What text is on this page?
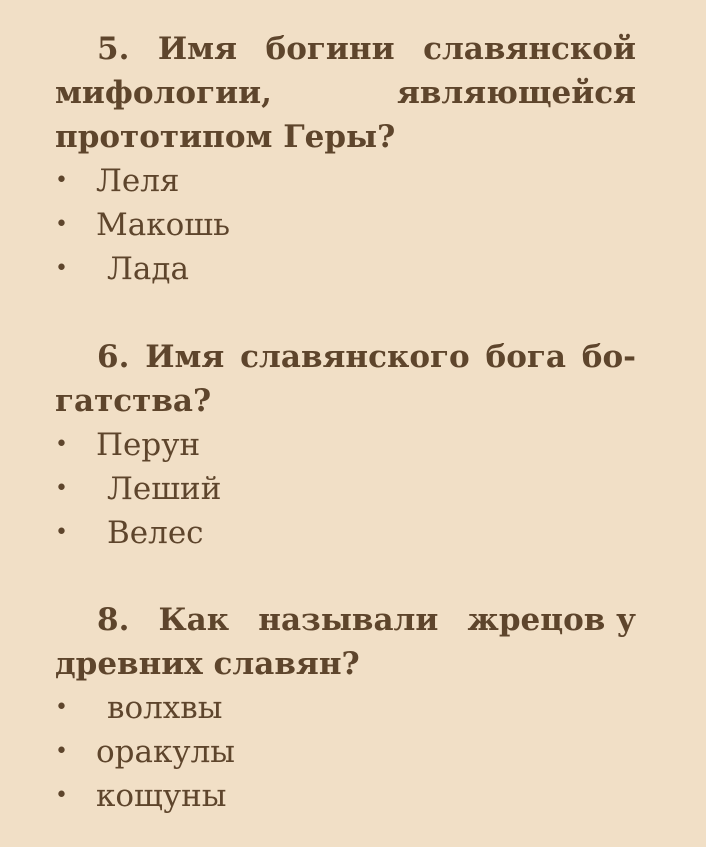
5. Имя богини славянской
мифологии,	являющейся
прототипом Геры?
• Леля
• Макошь
• Лада
6. Имя славянского бога бо-
гатства?
• Перун
• Леший
• Велес
8. Как называли жрецов у
древних славян?
• волхвы
• оракулы
• кощуны
